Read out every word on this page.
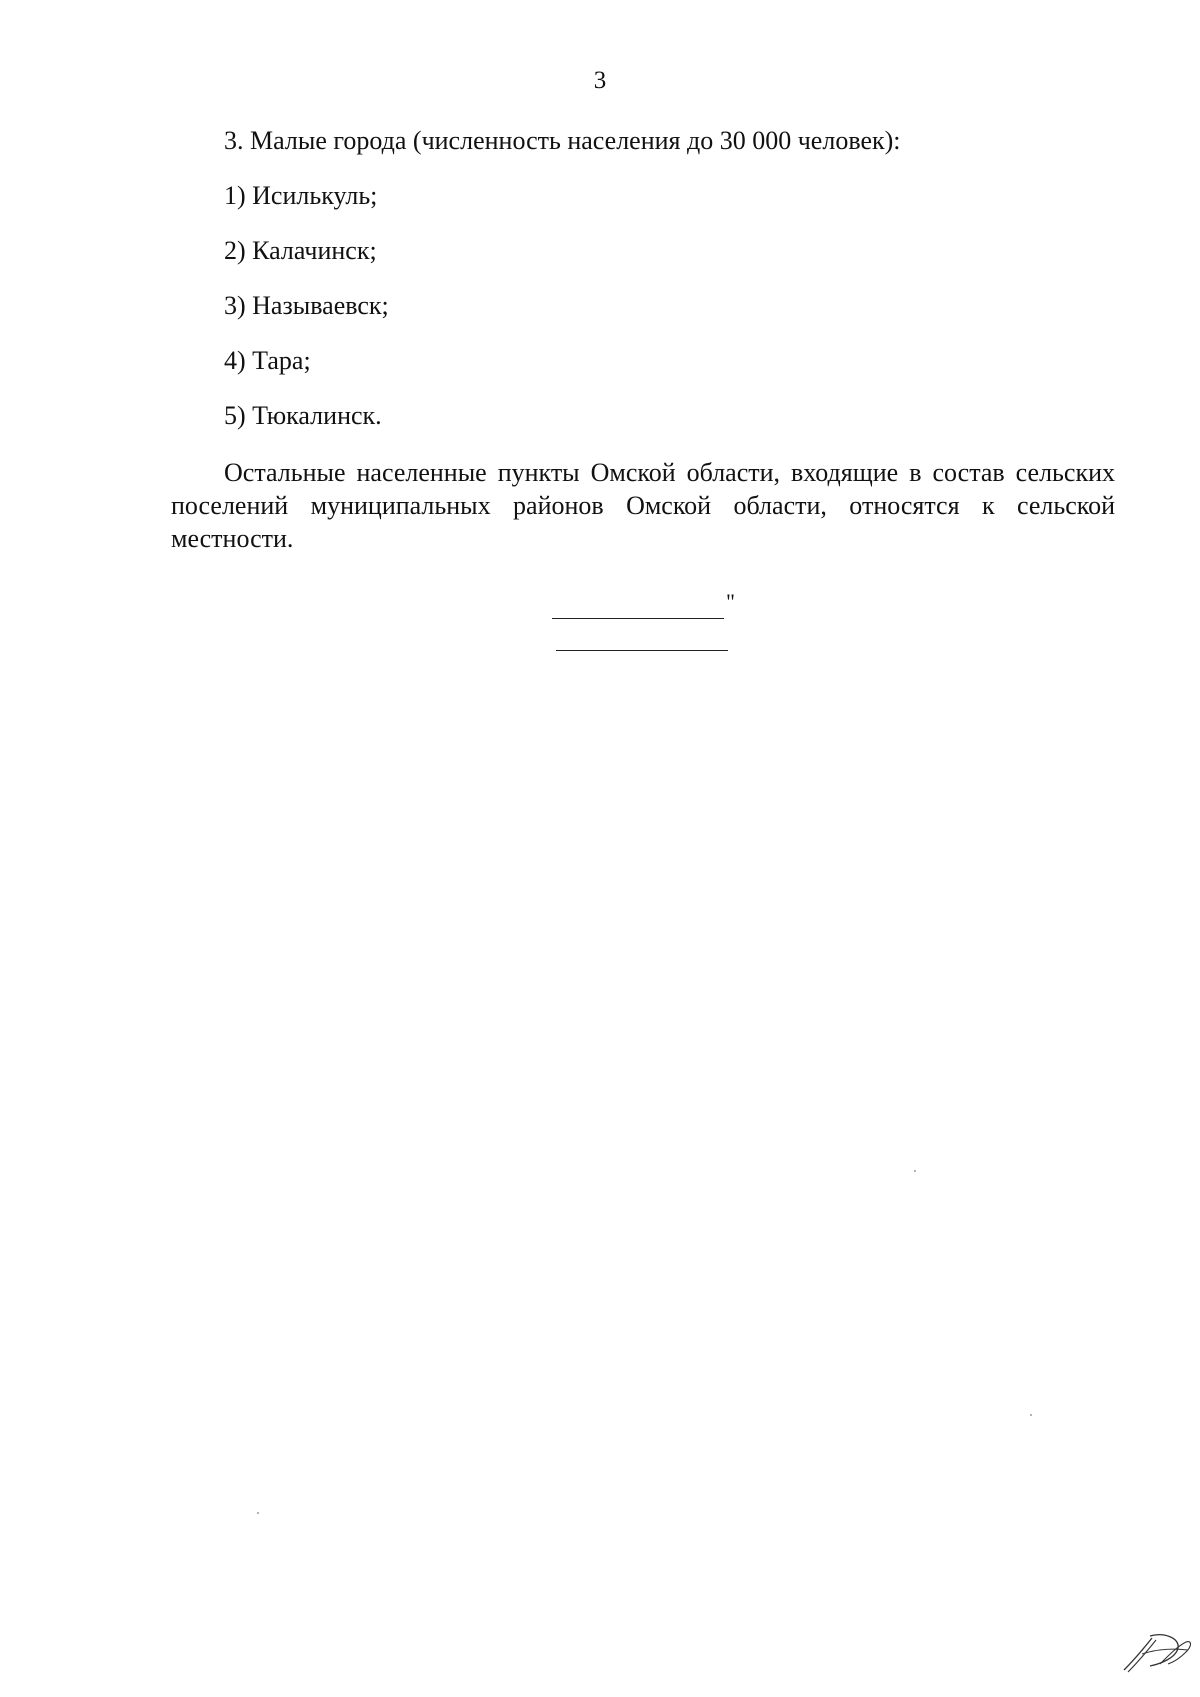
3
3. Малые города (численность населения до 30 000 человек):
1) Исилькуль;
2) Калачинск;
3) Называевск;
4) Тара;
5) Тюкалинск.

Остальные населенные пункты Омской области, входящие в состав сельских поселений муниципальных районов Омской области, относятся к сельской местности.

"
